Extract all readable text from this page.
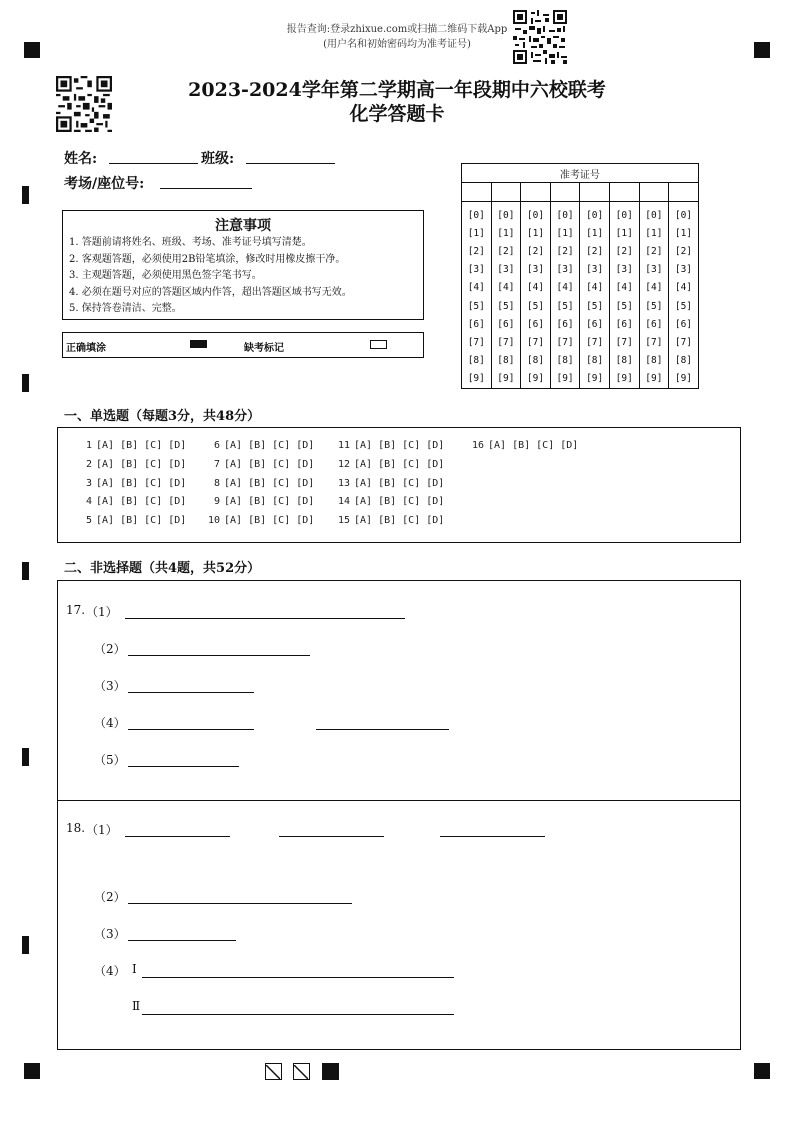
报告查询:登录zhixue.com或扫描二维码下载App
(用户名和初始密码均为准考证号)
2023-2024学年第二学期高一年段期中六校联考
化学答题卡
姓名:	班级:
考场/座位号:
注意事项
1. 答题前请将姓名、班级、考场、准考证号填写清楚。
2. 客观题答题，必须使用2B铅笔填涂，修改时用橡皮擦干净。
3. 主观题答题，必须使用黑色签字笔书写。
4. 必须在题号对应的答题区域内作答，超出答题区域书写无效。
5. 保持答卷清洁、完整。
正确填涂	缺考标记
准考证号							

[0]	[0]	[0]	[0]	[0]	[0]	[0]	[0]
[1]	[1]	[1]	[1]	[1]	[1]	[1]	[1]
[2]	[2]	[2]	[2]	[2]	[2]	[2]	[2]
[3]	[3]	[3]	[3]	[3]	[3]	[3]	[3]
[4]	[4]	[4]	[4]	[4]	[4]	[4]	[4]
[5]	[5]	[5]	[5]	[5]	[5]	[5]	[5]
[6]	[6]	[6]	[6]	[6]	[6]	[6]	[6]
[7]	[7]	[7]	[7]	[7]	[7]	[7]	[7]
[8]	[8]	[8]	[8]	[8]	[8]	[8]	[8]
[9]	[9]	[9]	[9]	[9]	[9]	[9]	[9]
一、单选题（每题3分，共48分）
1 [A] [B] [C] [D]
2 [A] [B] [C] [D]
3 [A] [B] [C] [D]
4 [A] [B] [C] [D]
5 [A] [B] [C] [D]
6 [A] [B] [C] [D]
7 [A] [B] [C] [D]
8 [A] [B] [C] [D]
9 [A] [B] [C] [D]
10 [A] [B] [C] [D]
11 [A] [B] [C] [D]
12 [A] [B] [C] [D]
13 [A] [B] [C] [D]
14 [A] [B] [C] [D]
15 [A] [B] [C] [D]
16 [A] [B] [C] [D]
二、非选择题（共4题，共52分）
17. （1）
（2）
（3）
（4）
（5）
18. （1）
（2）
（3）
（4） Ⅰ
Ⅱ
